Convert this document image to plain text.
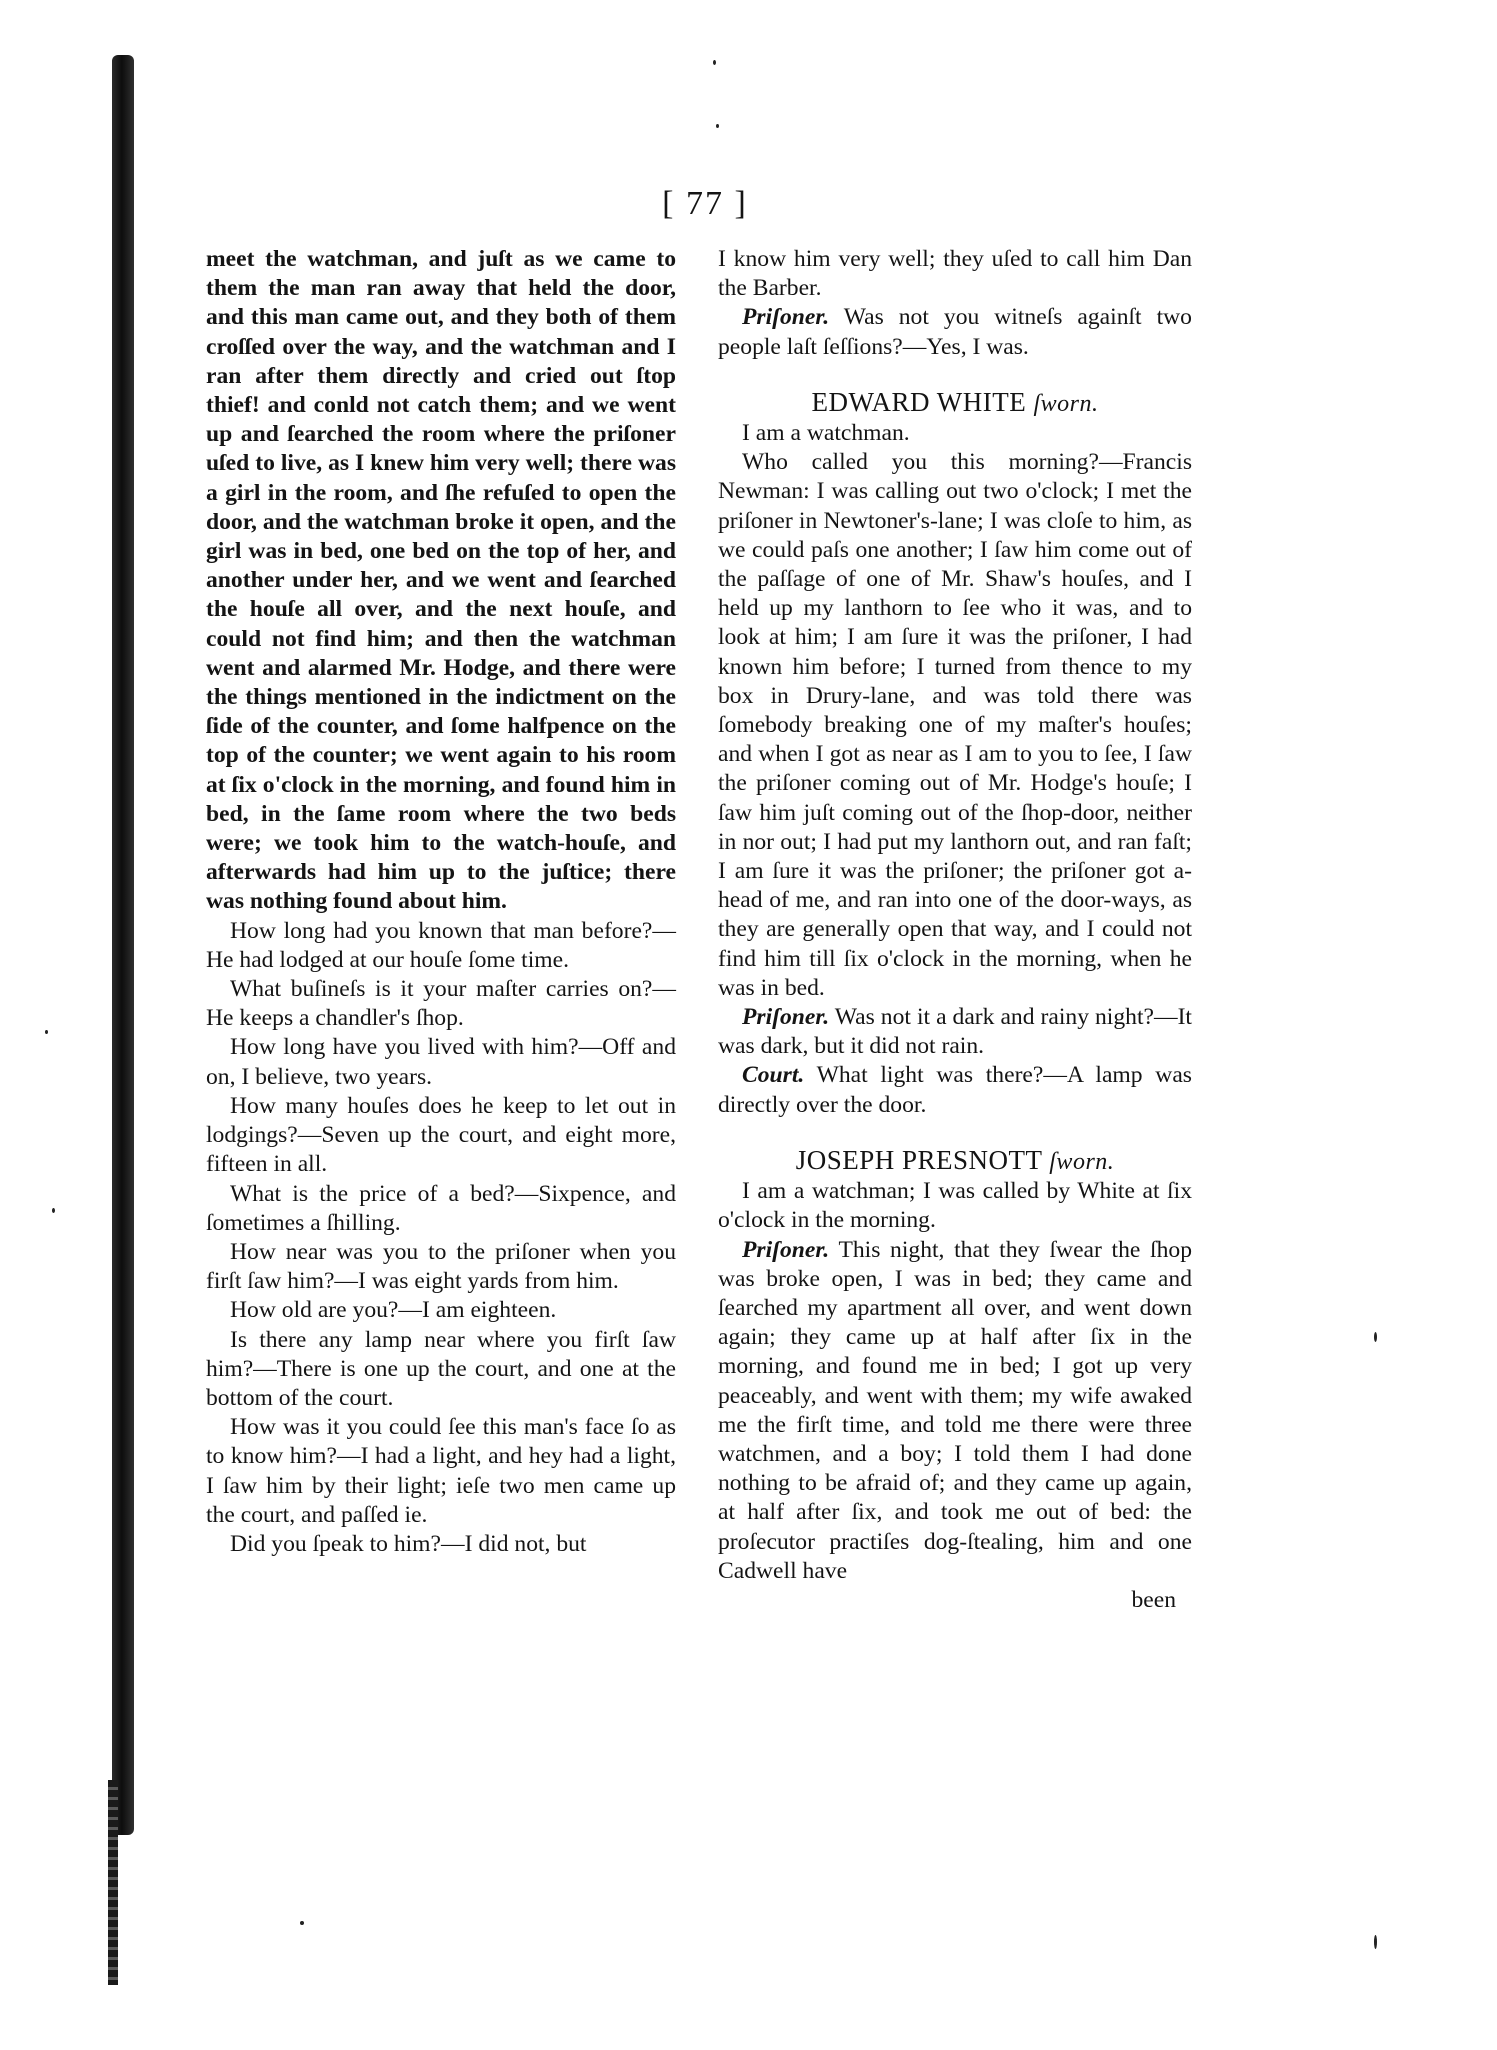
[ 77 ]

meet the watchman, and juſt as we came to them the man ran away that held the door, and this man came out, and they both of them croſſed over the way, and the watchman and I ran after them directly and cried out ſtop thief! and conld not catch them; and we went up and ſearched the room where the priſoner uſed to live, as I knew him very well; there was a girl in the room, and ſhe refuſed to open the door, and the watchman broke it open, and the girl was in bed, one bed on the top of her, and another under her, and we went and ſearched the houſe all over, and the next houſe, and could not find him; and then the watchman went and alarmed Mr. Hodge, and there were the things mentioned in the indictment on the ſide of the counter, and ſome halfpence on the top of the counter; we went again to his room at ſix o'clock in the morning, and found him in bed, in the ſame room where the two beds were; we took him to the watch-houſe, and afterwards had him up to the juſtice; there was nothing found about him.

How long had you known that man before?—He had lodged at our houſe ſome time.

What buſineſs is it your maſter carries on?—He keeps a chandler's ſhop.

How long have you lived with him?—Off and on, I believe, two years.

How many houſes does he keep to let out in lodgings?—Seven up the court, and eight more, fifteen in all.

What is the price of a bed?—Sixpence, and ſometimes a ſhilling.

How near was you to the priſoner when you firſt ſaw him?—I was eight yards from him.

How old are you?—I am eighteen.

Is there any lamp near where you firſt ſaw him?—There is one up the court, and one at the bottom of the court.

How was it you could ſee this man's face ſo as to know him?—I had a light, and hey had a light, I ſaw him by their light; ieſe two men came up the court, and paſſed ie.

Did you ſpeak to him?—I did not, but

I know him very well; they uſed to call him Dan the Barber.

Priſoner. Was not you witneſs againſt two people laſt ſeſſions?—Yes, I was.

EDWARD WHITE ſworn.

I am a watchman.

Who called you this morning?—Francis Newman: I was calling out two o'clock; I met the priſoner in Newtoner's-lane; I was cloſe to him, as we could paſs one another; I ſaw him come out of the paſſage of one of Mr. Shaw's houſes, and I held up my lanthorn to ſee who it was, and to look at him; I am ſure it was the priſoner, I had known him before; I turned from thence to my box in Drury-lane, and was told there was ſomebody breaking one of my maſter's houſes; and when I got as near as I am to you to ſee, I ſaw the priſoner coming out of Mr. Hodge's houſe; I ſaw him juſt coming out of the ſhop-door, neither in nor out; I had put my lanthorn out, and ran faſt; I am ſure it was the priſoner; the priſoner got a-head of me, and ran into one of the door-ways, as they are generally open that way, and I could not find him till ſix o'clock in the morning, when he was in bed.

Priſoner. Was not it a dark and rainy night?—It was dark, but it did not rain.

Court. What light was there?—A lamp was directly over the door.

JOSEPH PRESNOTT ſworn.

I am a watchman; I was called by White at ſix o'clock in the morning.

Priſoner. This night, that they ſwear the ſhop was broke open, I was in bed; they came and ſearched my apartment all over, and went down again; they came up at half after ſix in the morning, and found me in bed; I got up very peaceably, and went with them; my wife awaked me the firſt time, and told me there were three watchmen, and a boy; I told them I had done nothing to be afraid of; and they came up again, at half after ſix, and took me out of bed: the proſecutor practiſes dog-ſtealing, him and one Cadwell have

been
